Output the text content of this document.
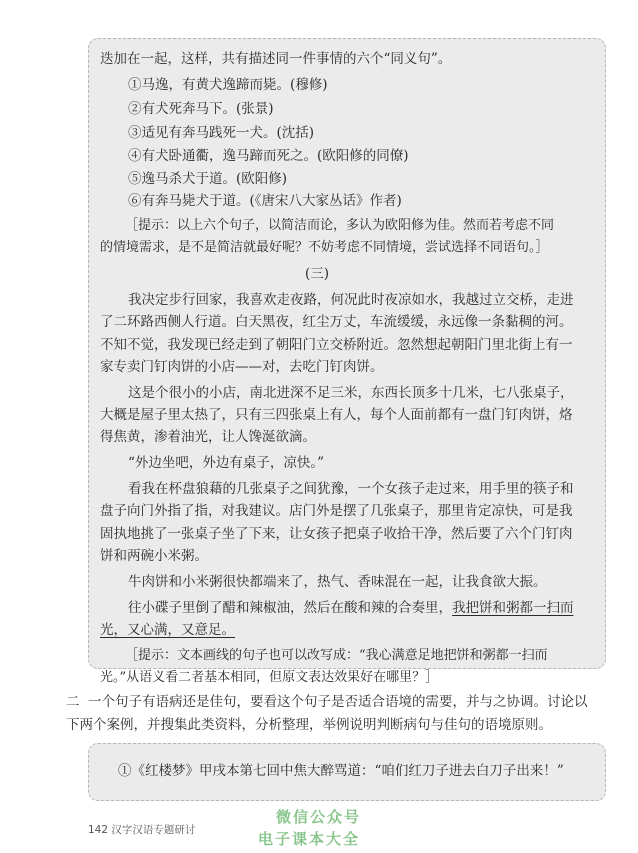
迭加在一起，这样，共有描述同一件事情的六个“同义句”。
①马逸，有黄犬逸蹄而毙。(穆修)
②有犬死奔马下。(张景)
③适见有奔马践死一犬。(沈括)
④有犬卧通衢，逸马蹄而死之。(欧阳修的同僚)
⑤逸马杀犬于道。(欧阳修)
⑥有奔马毙犬于道。(《唐宋八大家丛话》作者)
［提示：以上六个句子，以简洁而论，多认为欧阳修为佳。然而若考虑不同
的情境需求，是不是简洁就最好呢？不妨考虑不同情境，尝试选择不同语句。］
(三)
我决定步行回家，我喜欢走夜路，何况此时夜凉如水，我越过立交桥，走进
了二环路西侧人行道。白天黑夜，红尘万丈，车流缓缓，永远像一条黏稠的河。
不知不觉，我发现已经走到了朝阳门立交桥附近。忽然想起朝阳门里北街上有一
家专卖门钉肉饼的小店——对，去吃门钉肉饼。
这是个很小的小店，南北进深不足三米，东西长顶多十几米，七八张桌子，
大概是屋子里太热了，只有三四张桌上有人，每个人面前都有一盘门钉肉饼，烙
得焦黄，渗着油光，让人馋涎欲滴。
“外边坐吧，外边有桌子，凉快。”
看我在杯盘狼藉的几张桌子之间犹豫，一个女孩子走过来，用手里的筷子和
盘子向门外指了指，对我建议。店门外是摆了几张桌子，那里肯定凉快，可是我
固执地挑了一张桌子坐了下来，让女孩子把桌子收拾干净，然后要了六个门钉肉
饼和两碗小米粥。
牛肉饼和小米粥很快都端来了，热气、香味混在一起，让我食欲大振。
往小碟子里倒了醋和辣椒油，然后在酸和辣的合奏里，我把饼和粥都一扫而
光，又心满，又意足。
［提示：文本画线的句子也可以改写成：“我心满意足地把饼和粥都一扫而
光。”从语义看二者基本相同，但原文表达效果好在哪里？］
二 一个句子有语病还是佳句，要看这个句子是否适合语境的需要，并与之协调。讨论以
下两个案例，并搜集此类资料，分析整理，举例说明判断病句与佳句的语境原则。
①《红楼梦》甲戌本第七回中焦大醉骂道：“咱们红刀子进去白刀子出来！”
142 汉字汉语专题研讨
微信公众号
电子课本大全
